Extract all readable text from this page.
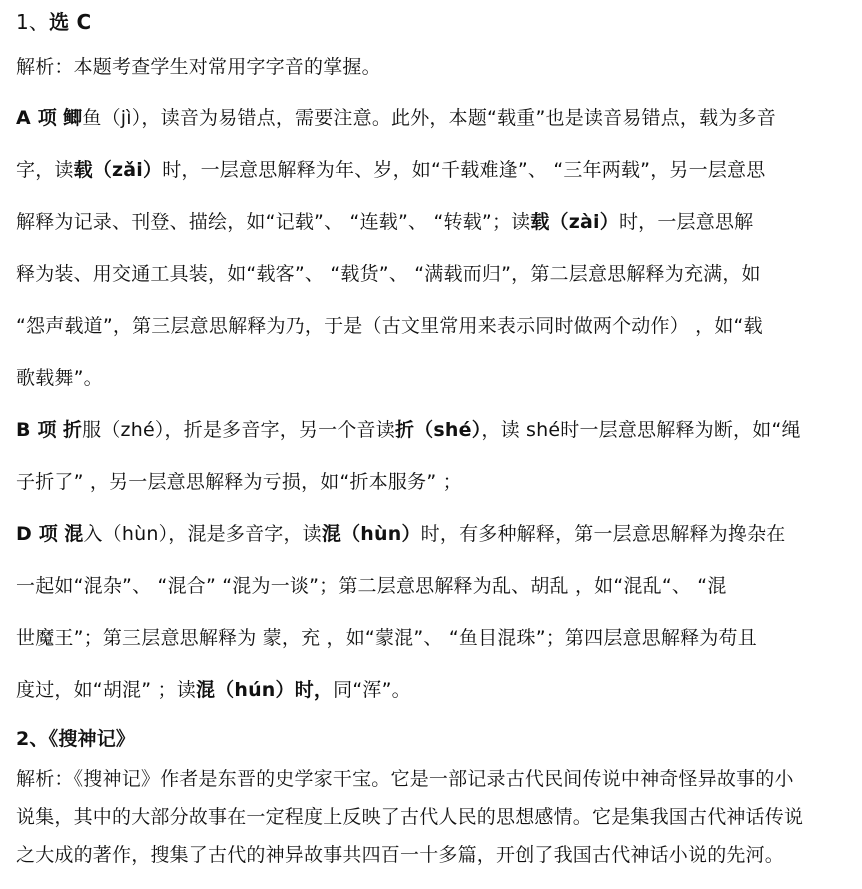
1、选 C
解析：本题考查学生对常用字字音的掌握。
A 项 鲫鱼（jì），读音为易错点，需要注意。此外，本题“载重”也是读音易错点，载为多音
字，读载（zǎi）时，一层意思解释为年、岁，如“千载难逢”、 “三年两载”，另一层意思
解释为记录、刊登、描绘，如“记载”、 “连载”、 “转载”；读载（zài）时，一层意思解
释为装、用交通工具装，如“载客”、 “载货”、 “满载而归”，第二层意思解释为充满，如
“怨声载道”，第三层意思解释为乃，于是（古文里常用来表示同时做两个动作） ，如“载
歌载舞”。
B 项 折服（zhé），折是多音字，另一个音读折（shé），读 shé时一层意思解释为断，如“绳
子折了” ，另一层意思解释为亏损，如“折本服务” ；
D 项 混入（hùn），混是多音字，读混（hùn）时，有多种解释，第一层意思解释为搀杂在
一起如“混杂”、 “混合” “混为一谈”；第二层意思解释为乱、胡乱 ，如“混乱“、 “混
世魔王”；第三层意思解释为 蒙，充 ，如“蒙混”、 “鱼目混珠”；第四层意思解释为苟且
度过，如“胡混” ；读混（hún）时，同“浑”。
2、《搜神记》
解析：《搜神记》作者是东晋的史学家干宝。它是一部记录古代民间传说中神奇怪异故事的小
说集，其中的大部分故事在一定程度上反映了古代人民的思想感情。它是集我国古代神话传说
之大成的著作，搜集了古代的神异故事共四百一十多篇，开创了我国古代神话小说的先河。
